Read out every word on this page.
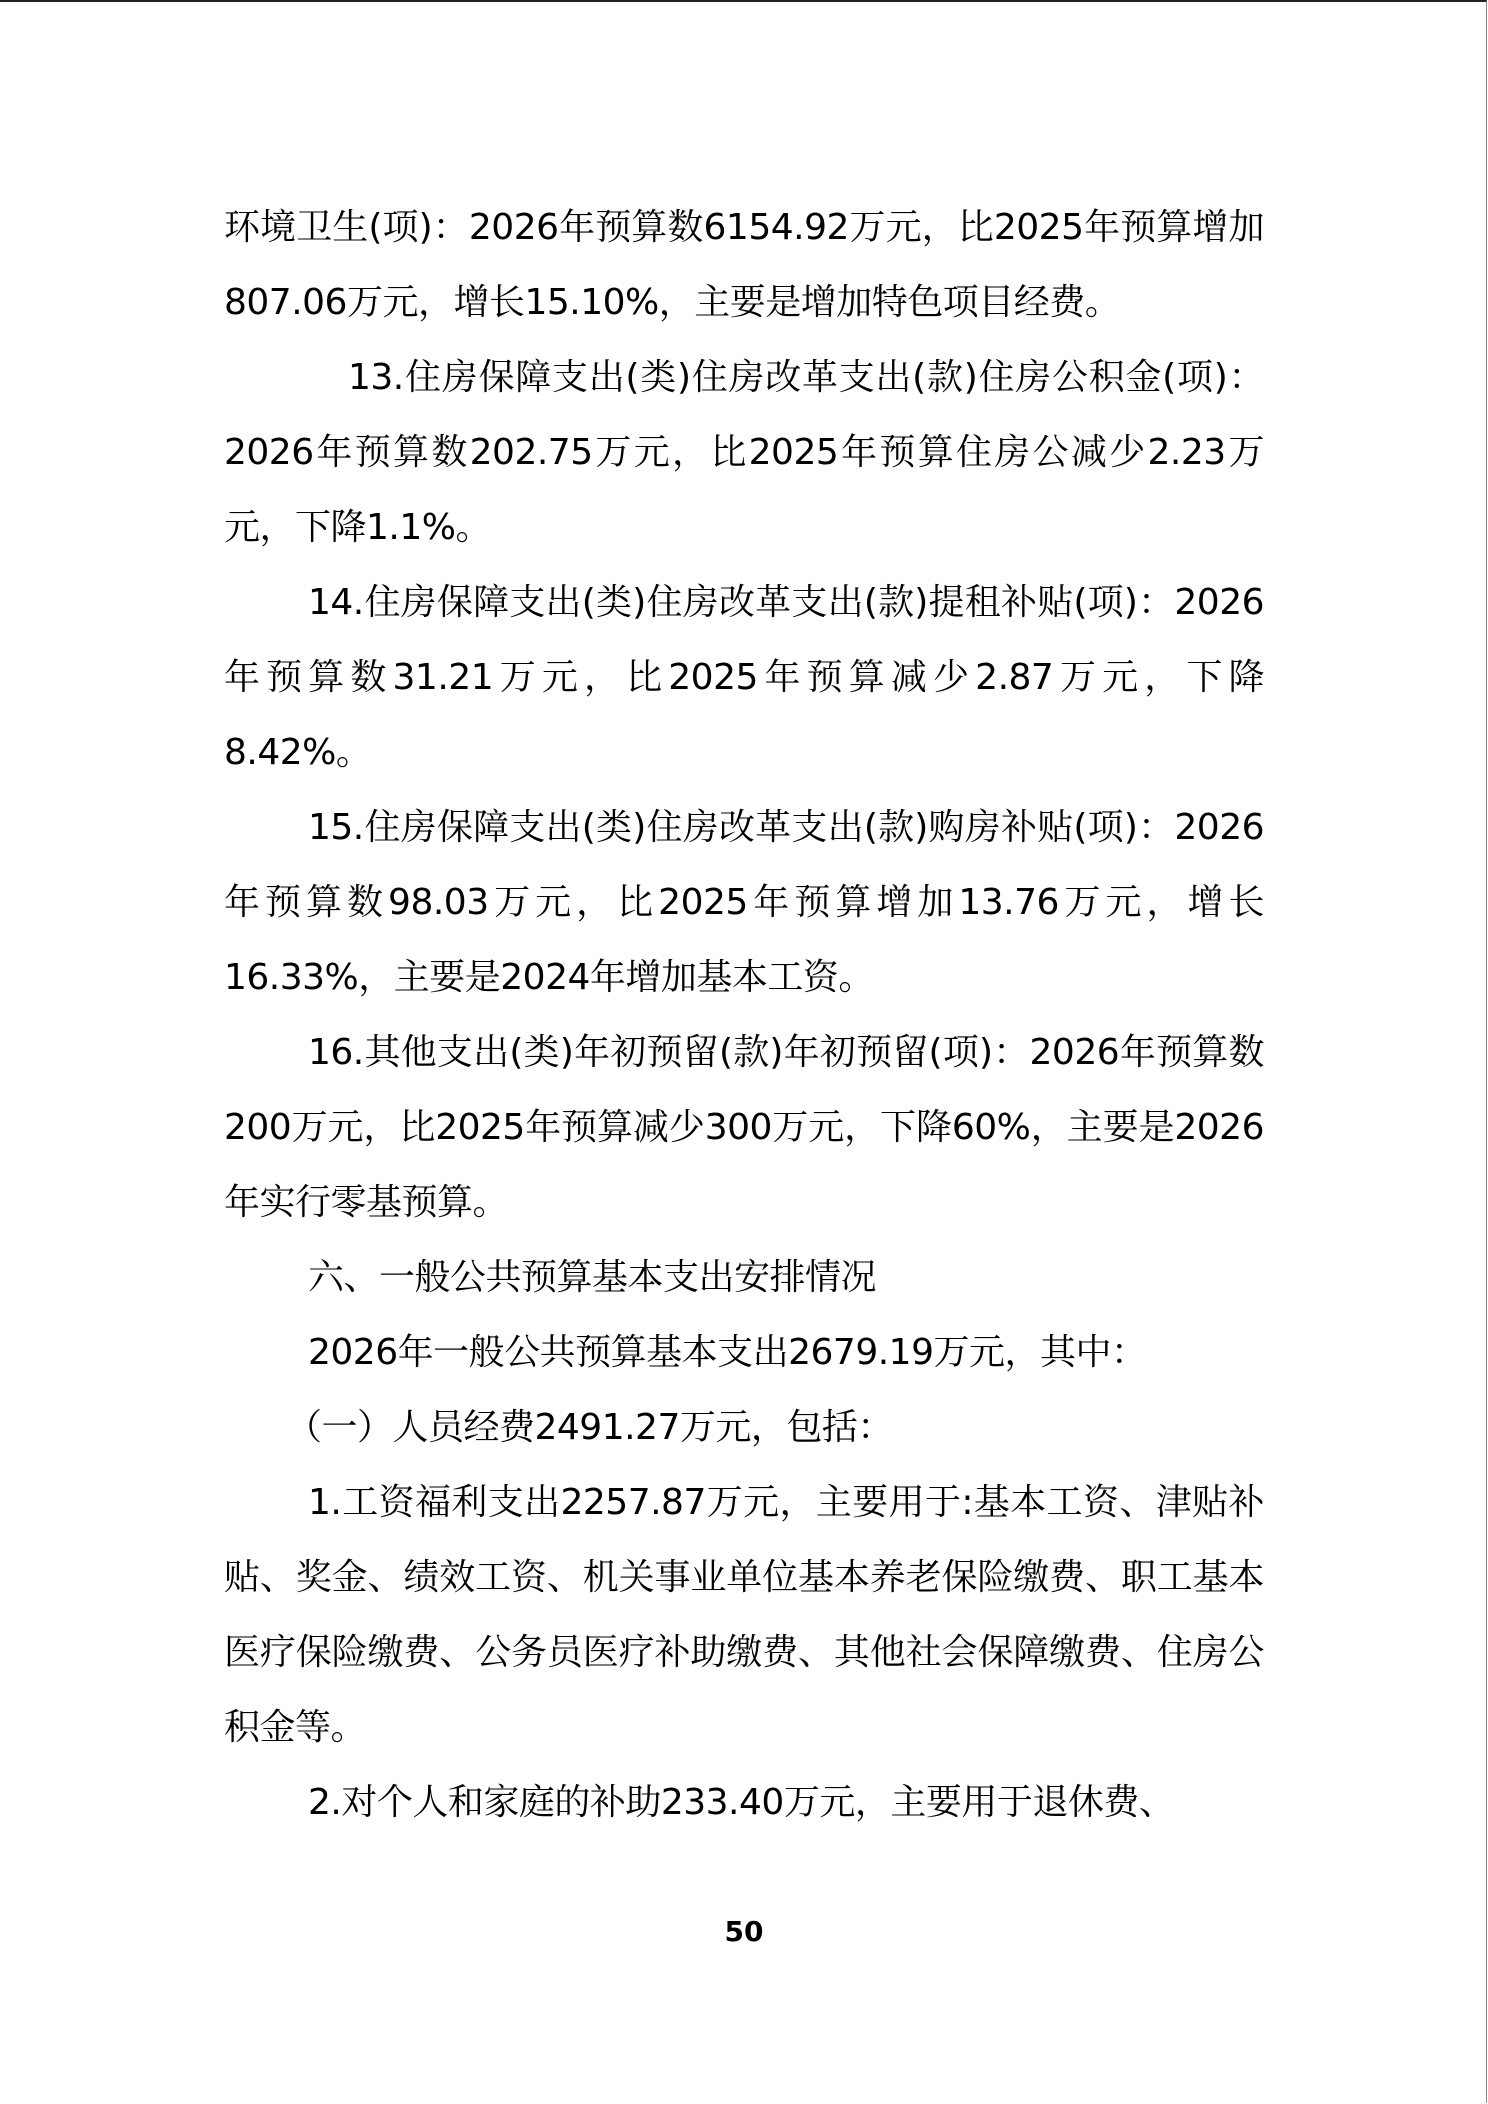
环境卫生(项)：2026年预算数6154.92万元，比2025年预算增加807.06万元，增长15.10%，主要是增加特色项目经费。

13.住房保障支出(类)住房改革支出(款)住房公积金(项)：2026年预算数202.75万元，比2025年预算住房公减少2.23万元，下降1.1%。

14.住房保障支出(类)住房改革支出(款)提租补贴(项)：2026年预算数31.21万元，比2025年预算减少2.87万元，下降8.42%。

15.住房保障支出(类)住房改革支出(款)购房补贴(项)：2026年预算数98.03万元，比2025年预算增加13.76万元，增长16.33%，主要是2024年增加基本工资。

16.其他支出(类)年初预留(款)年初预留(项)：2026年预算数200万元，比2025年预算减少300万元，下降60%，主要是2026年实行零基预算。

六、一般公共预算基本支出安排情况

2026年一般公共预算基本支出2679.19万元，其中：

（一）人员经费2491.27万元，包括：

1.工资福利支出2257.87万元，主要用于:基本工资、津贴补贴、奖金、绩效工资、机关事业单位基本养老保险缴费、职工基本医疗保险缴费、公务员医疗补助缴费、其他社会保障缴费、住房公积金等。

2.对个人和家庭的补助233.40万元，主要用于退休费、

50
